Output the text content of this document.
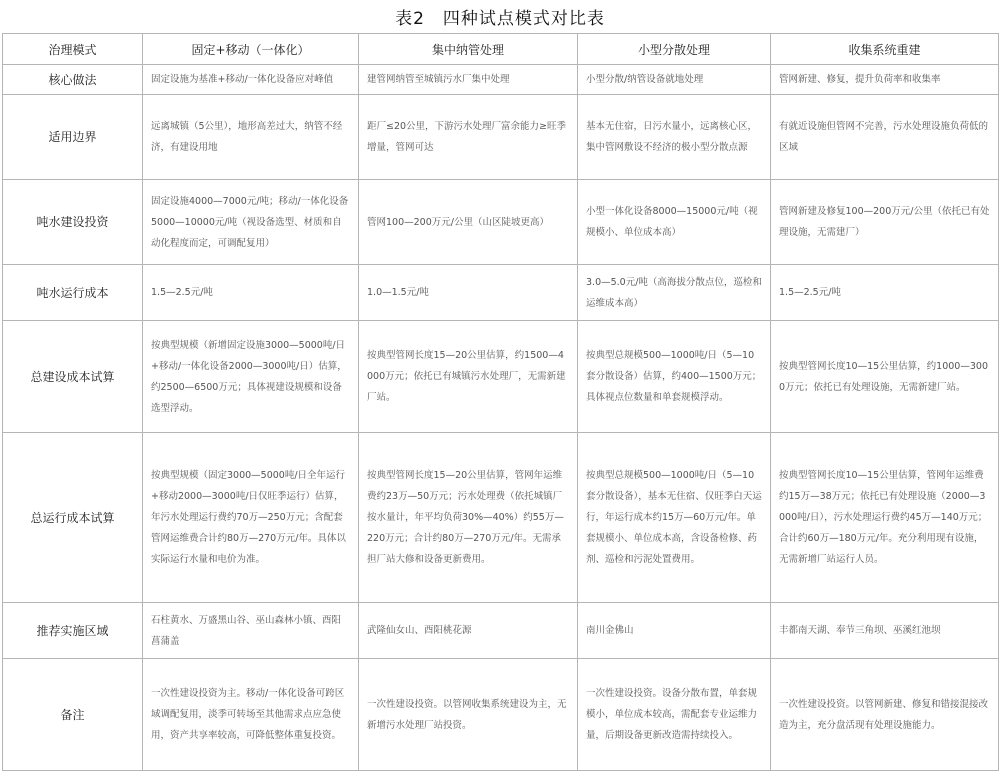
表2　四种试点模式对比表
治理模式	固定+移动（一体化）	集中纳管处理	小型分散处理	收集系统重建
核心做法	固定设施为基准+移动/一体化设备应对峰值	建管网纳管至城镇污水厂集中处理	小型分散/纳管设备就地处理	管网新建、修复，提升负荷率和收集率
适用边界	远离城镇（5公里），地形高差过大，纳管不经济，有建设用地	距厂≤20公里，下游污水处理厂富余能力≥旺季增量，管网可达	基本无住宿，日污水量小，远离核心区，集中管网敷设不经济的极小型分散点源	有就近设施但管网不完善，污水处理设施负荷低的区域
吨水建设投资	固定设施4000—7000元/吨；移动/一体化设备5000—10000元/吨（视设备选型、材质和自动化程度而定，可调配复用）	管网100—200万元/公里（山区陡坡更高）	小型一体化设备8000—15000元/吨（视规模小、单位成本高）	管网新建及修复100—200万元/公里（依托已有处理设施，无需建厂）
吨水运行成本	1.5—2.5元/吨	1.0—1.5元/吨	3.0—5.0元/吨（高海拔分散点位，巡检和运维成本高）	1.5—2.5元/吨
总建设成本试算	按典型规模（新增固定设施3000—5000吨/日+移动/一体化设备2000—3000吨/日）估算，约2500—6500万元；具体视建设规模和设备选型浮动。	按典型管网长度15—20公里估算，约1500—4000万元；依托已有城镇污水处理厂，无需新建厂站。	按典型总规模500—1000吨/日（5—10套分散设备）估算，约400—1500万元；具体视点位数量和单套规模浮动。	按典型管网长度10—15公里估算，约1000—3000万元；依托已有处理设施，无需新建厂站。
总运行成本试算	按典型规模（固定3000—5000吨/日全年运行+移动2000—3000吨/日仅旺季运行）估算，年污水处理运行费约70万—250万元；含配套管网运维费合计约80万—270万元/年。具体以实际运行水量和电价为准。	按典型管网长度15—20公里估算，管网年运维费约23万—50万元；污水处理费（依托城镇厂按水量计，年平均负荷30%—40%）约55万—220万元；合计约80万—270万元/年。无需承担厂站大修和设备更新费用。	按典型总规模500—1000吨/日（5—10套分散设备），基本无住宿、仅旺季白天运行，年运行成本约15万—60万元/年。单套规模小、单位成本高，含设备检修、药剂、巡检和污泥处置费用。	按典型管网长度10—15公里估算，管网年运维费约15万—38万元；依托已有处理设施（2000—3000吨/日），污水处理运行费约45万—140万元；合计约60万—180万元/年。充分利用现有设施，无需新增厂站运行人员。
推荐实施区域	石柱黄水、万盛黑山谷、巫山森林小镇、酉阳菖蒲盖	武隆仙女山、酉阳桃花源	南川金佛山	丰都南天湖、奉节三角坝、巫溪红池坝
备注	一次性建设投资为主。移动/一体化设备可跨区域调配复用，淡季可转场至其他需求点应急使用，资产共享率较高，可降低整体重复投资。	一次性建设投资。以管网收集系统建设为主，无新增污水处理厂站投资。	一次性建设投资。设备分散布置，单套规模小，单位成本较高，需配套专业运维力量，后期设备更新改造需持续投入。	一次性建设投资。以管网新建、修复和错接混接改造为主，充分盘活现有处理设施能力。
